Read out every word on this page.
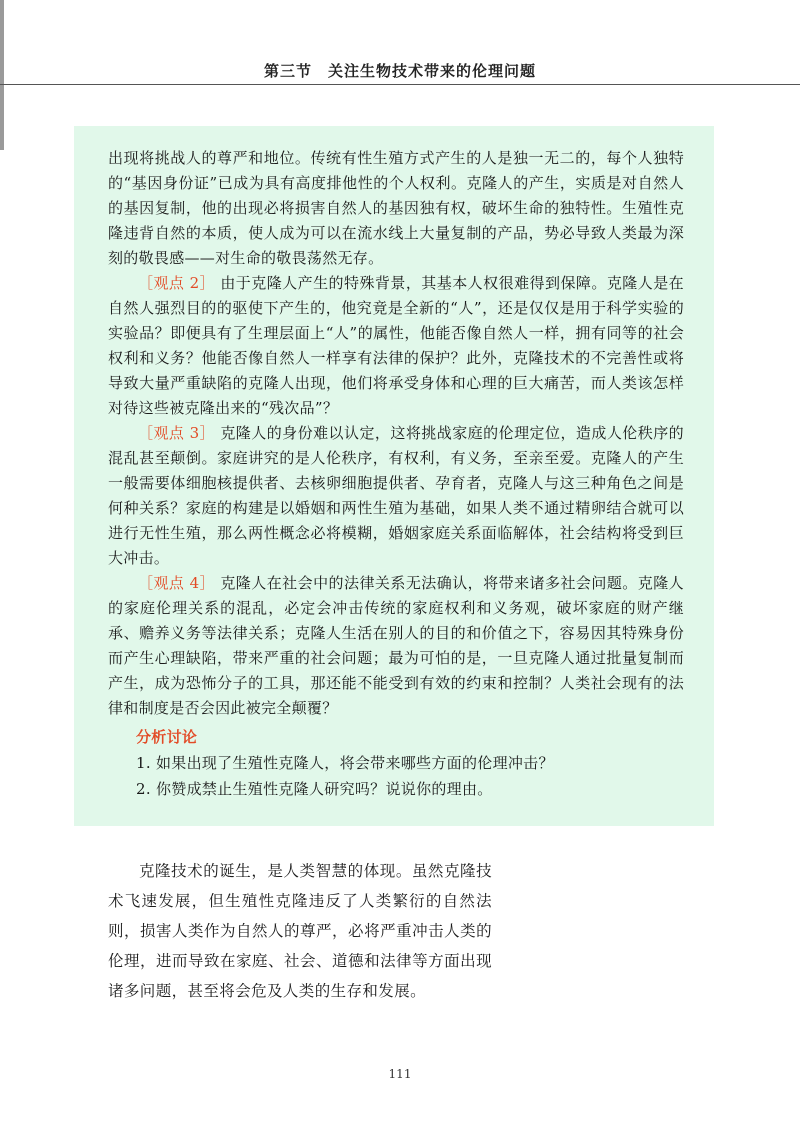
第三节　关注生物技术带来的伦理问题

出现将挑战人的尊严和地位。传统有性生殖方式产生的人是独一无二的，每个人独特的“基因身份证”已成为具有高度排他性的个人权利。克隆人的产生，实质是对自然人的基因复制，他的出现必将损害自然人的基因独有权，破坏生命的独特性。生殖性克隆违背自然的本质，使人成为可以在流水线上大量复制的产品，势必导致人类最为深刻的敬畏感——对生命的敬畏荡然无存。

［观点 2］ 由于克隆人产生的特殊背景，其基本人权很难得到保障。克隆人是在自然人强烈目的的驱使下产生的，他究竟是全新的“人”，还是仅仅是用于科学实验的实验品？即便具有了生理层面上“人”的属性，他能否像自然人一样，拥有同等的社会权利和义务？他能否像自然人一样享有法律的保护？此外，克隆技术的不完善性或将导致大量严重缺陷的克隆人出现，他们将承受身体和心理的巨大痛苦，而人类该怎样对待这些被克隆出来的“残次品”？

［观点 3］ 克隆人的身份难以认定，这将挑战家庭的伦理定位，造成人伦秩序的混乱甚至颠倒。家庭讲究的是人伦秩序，有权利，有义务，至亲至爱。克隆人的产生一般需要体细胞核提供者、去核卵细胞提供者、孕育者，克隆人与这三种角色之间是何种关系？家庭的构建是以婚姻和两性生殖为基础，如果人类不通过精卵结合就可以进行无性生殖，那么两性概念必将模糊，婚姻家庭关系面临解体，社会结构将受到巨大冲击。

［观点 4］ 克隆人在社会中的法律关系无法确认，将带来诸多社会问题。克隆人的家庭伦理关系的混乱，必定会冲击传统的家庭权利和义务观，破坏家庭的财产继承、赡养义务等法律关系；克隆人生活在别人的目的和价值之下，容易因其特殊身份而产生心理缺陷，带来严重的社会问题；最为可怕的是，一旦克隆人通过批量复制而产生，成为恐怖分子的工具，那还能不能受到有效的约束和控制？人类社会现有的法律和制度是否会因此被完全颠覆？

分析讨论
1. 如果出现了生殖性克隆人，将会带来哪些方面的伦理冲击？
2. 你赞成禁止生殖性克隆人研究吗？说说你的理由。

克隆技术的诞生，是人类智慧的体现。虽然克隆技术飞速发展，但生殖性克隆违反了人类繁衍的自然法则，损害人类作为自然人的尊严，必将严重冲击人类的伦理，进而导致在家庭、社会、道德和法律等方面出现诸多问题，甚至将会危及人类的生存和发展。

111
